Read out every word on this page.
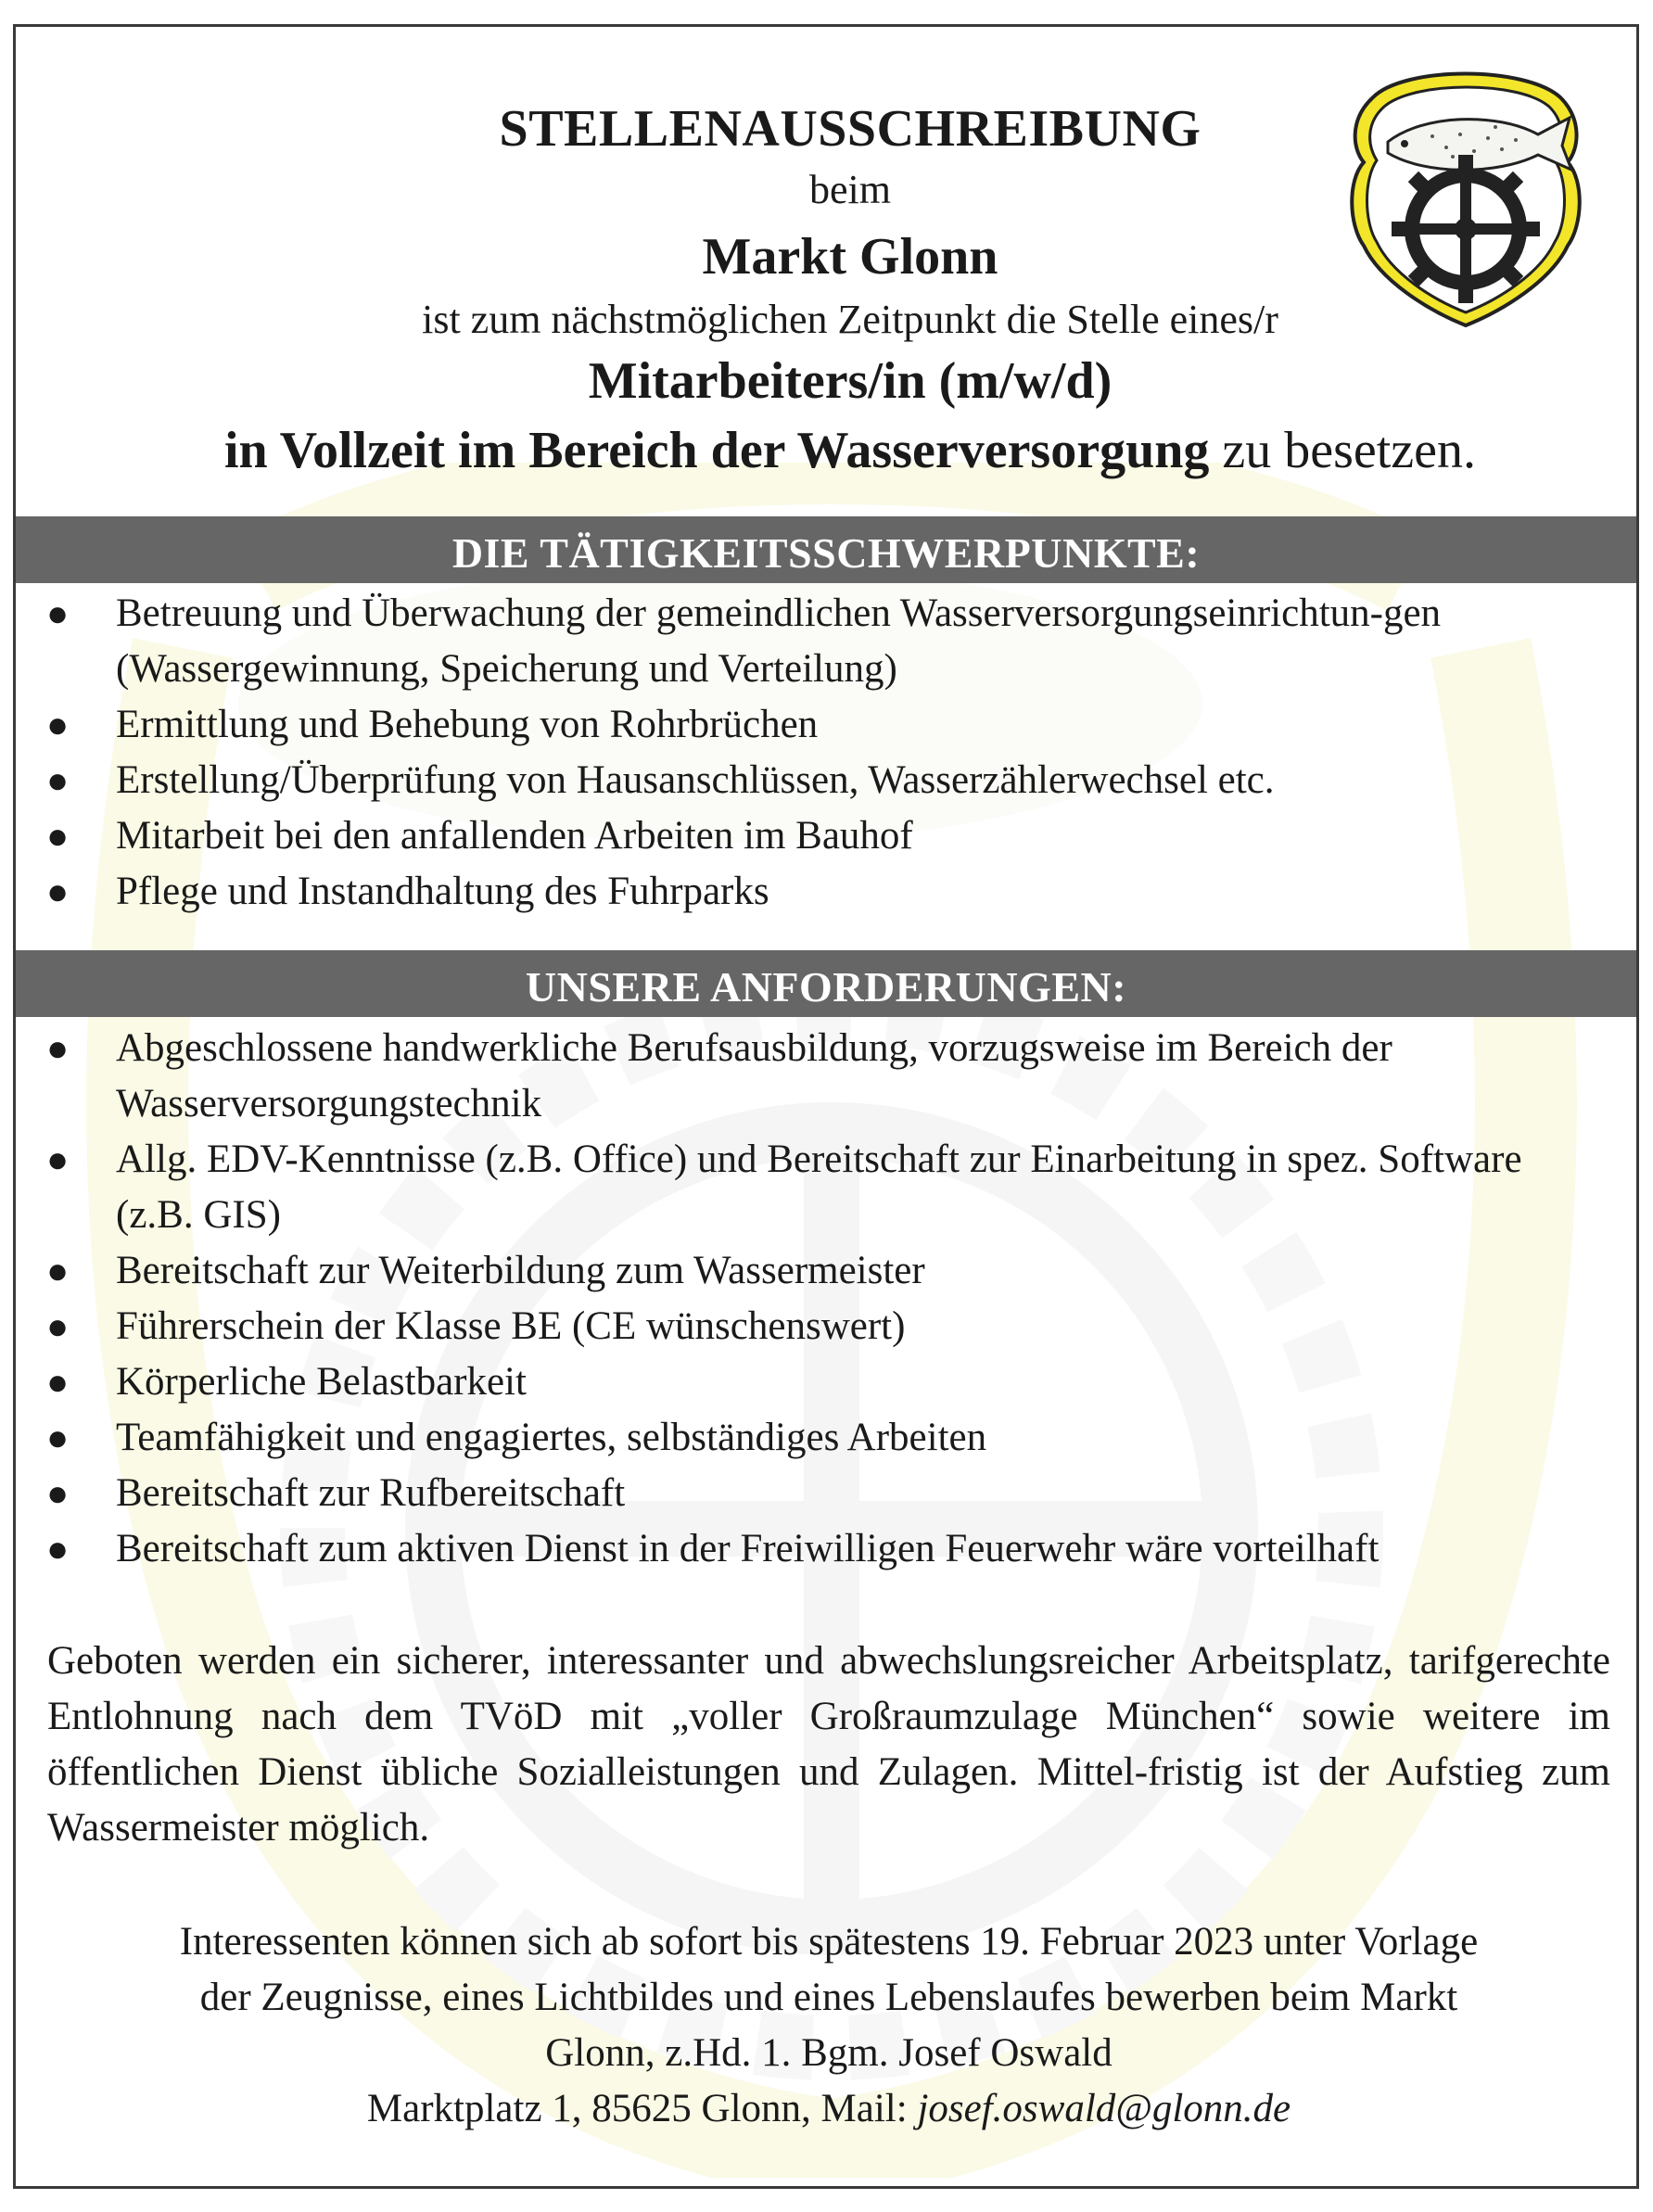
STELLENAUSSCHREIBUNG
beim
Markt Glonn
ist zum nächstmöglichen Zeitpunkt die Stelle eines/r
Mitarbeiters/in (m/w/d)
in Vollzeit im Bereich der Wasserversorgung zu besetzen.
DIE TÄTIGKEITSSCHWERPUNKTE:
● Betreuung und Überwachung der gemeindlichen Wasserversorgungseinrichtun-gen (Wassergewinnung, Speicherung und Verteilung)
● Ermittlung und Behebung von Rohrbrüchen
● Erstellung/Überprüfung von Hausanschlüssen, Wasserzählerwechsel etc.
● Mitarbeit bei den anfallenden Arbeiten im Bauhof
● Pflege und Instandhaltung des Fuhrparks
UNSERE ANFORDERUNGEN:
● Abgeschlossene handwerkliche Berufsausbildung, vorzugsweise im Bereich der Wasserversorgungstechnik
● Allg. EDV-Kenntnisse (z.B. Office) und Bereitschaft zur Einarbeitung in spez. Software (z.B. GIS)
● Bereitschaft zur Weiterbildung zum Wassermeister
● Führerschein der Klasse BE (CE wünschenswert)
● Körperliche Belastbarkeit
● Teamfähigkeit und engagiertes, selbständiges Arbeiten
● Bereitschaft zur Rufbereitschaft
● Bereitschaft zum aktiven Dienst in der Freiwilligen Feuerwehr wäre vorteilhaft

Geboten werden ein sicherer, interessanter und abwechslungsreicher Arbeitsplatz, tarifgerechte Entlohnung nach dem TVöD mit „voller Großraumzulage München“ sowie weitere im öffentlichen Dienst übliche Sozialleistungen und Zulagen. Mittel-fristig ist der Aufstieg zum Wassermeister möglich.

Interessenten können sich ab sofort bis spätestens 19. Februar 2023 unter Vorlage
der Zeugnisse, eines Lichtbildes und eines Lebenslaufes bewerben beim Markt
Glonn, z.Hd. 1. Bgm. Josef Oswald
Marktplatz 1, 85625 Glonn, Mail: josef.oswald@glonn.de
